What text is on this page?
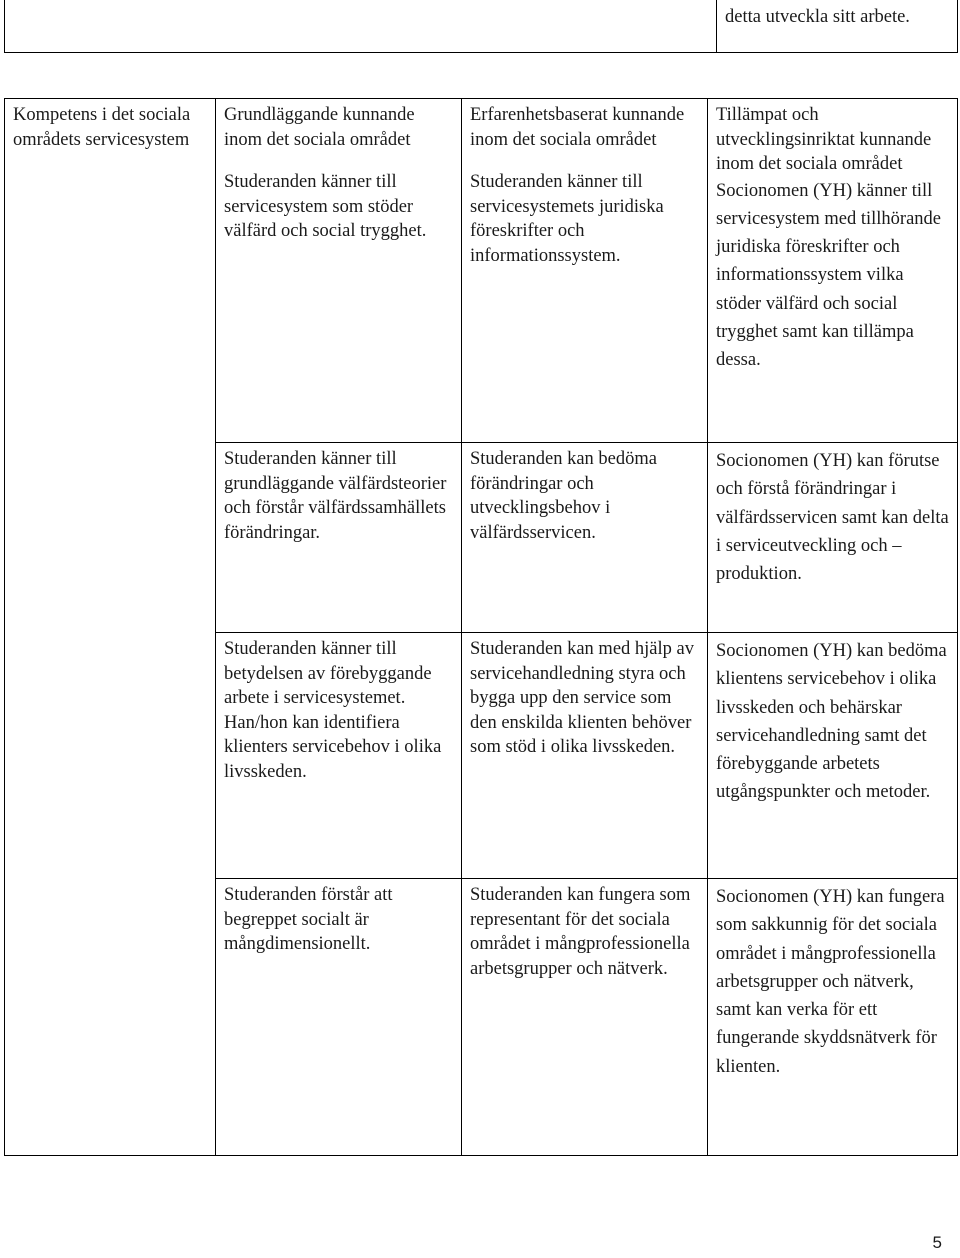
detta utveckla sitt arbete.

Kompetens i det sociala områdets servicesystem

Grundläggande kunnande inom det sociala området

Studeranden känner till servicesystem som stöder välfärd och social trygghet.

Erfarenhetsbaserat kunnande inom det sociala området

Studeranden känner till servicesystemets juridiska föreskrifter och informationssystem.

Tillämpat och utvecklingsinriktat kunnande inom det sociala området

Socionomen (YH) känner till servicesystem med tillhörande juridiska föreskrifter och informationssystem vilka stöder välfärd och social trygghet samt kan tillämpa dessa.

Studeranden känner till grundläggande välfärdsteorier och förstår välfärdssamhällets förändringar.

Studeranden kan bedöma förändringar och utvecklingsbehov i välfärdsservicen.

Socionomen (YH) kan förutse och förstå förändringar i välfärdsservicen samt kan delta i serviceutveckling och –produktion.

Studeranden känner till betydelsen av förebyggande arbete i servicesystemet. Han/hon kan identifiera klienters servicebehov i olika livsskeden.

Studeranden kan med hjälp av servicehandledning styra och bygga upp den service som den enskilda klienten behöver som stöd i olika livsskeden.

Socionomen (YH) kan bedöma klientens servicebehov i olika livsskeden och behärskar servicehandledning samt det förebyggande arbetets utgångspunkter och metoder.

Studeranden förstår att begreppet socialt är mångdimensionellt.

Studeranden kan fungera som representant för det sociala området i mångprofessionella arbetsgrupper och nätverk.

Socionomen (YH) kan fungera som sakkunnig för det sociala området i mångprofessionella arbetsgrupper och nätverk, samt kan verka för ett fungerande skyddsnätverk för klienten.

5
